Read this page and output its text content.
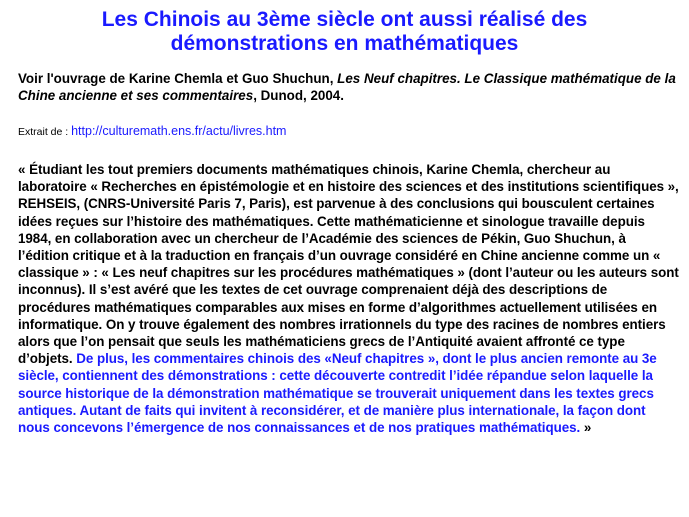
Les Chinois au 3ème siècle ont aussi réalisé des
démonstrations en mathématiques

Voir l'ouvrage de Karine Chemla et Guo Shuchun, Les Neuf chapitres. Le Classique mathématique de la Chine ancienne et ses commentaires, Dunod, 2004.

Extrait de : http://culturemath.ens.fr/actu/livres.htm

« Étudiant les tout premiers documents mathématiques chinois, Karine Chemla, chercheur au laboratoire « Recherches en épistémologie et en histoire des sciences et des institutions scientifiques », REHSEIS, (CNRS-Université Paris 7, Paris), est parvenue à des conclusions qui bousculent certaines idées reçues sur l’histoire des mathématiques. Cette mathématicienne et sinologue travaille depuis 1984, en collaboration avec un chercheur de l’Académie des sciences de Pékin, Guo Shuchun, à l’édition critique et à la traduction en français d’un ouvrage considéré en Chine ancienne comme un « classique » : « Les neuf chapitres sur les procédures mathématiques » (dont l’auteur ou les auteurs sont inconnus). Il s’est avéré que les textes de cet ouvrage comprenaient déjà des descriptions de procédures mathématiques comparables aux mises en forme d’algorithmes actuellement utilisées en informatique. On y trouve également des nombres irrationnels du type des racines de nombres entiers alors que l’on pensait que seuls les mathématiciens grecs de l’Antiquité avaient affronté ce type d’objets. De plus, les commentaires chinois des «Neuf chapitres », dont le plus ancien remonte au 3e siècle, contiennent des démonstrations : cette découverte contredit l’idée répandue selon laquelle la source historique de la démonstration mathématique se trouverait uniquement dans les textes grecs antiques. Autant de faits qui invitent à reconsidérer, et de manière plus internationale, la façon dont nous concevons l’émergence de nos connaissances et de nos pratiques mathématiques. »
